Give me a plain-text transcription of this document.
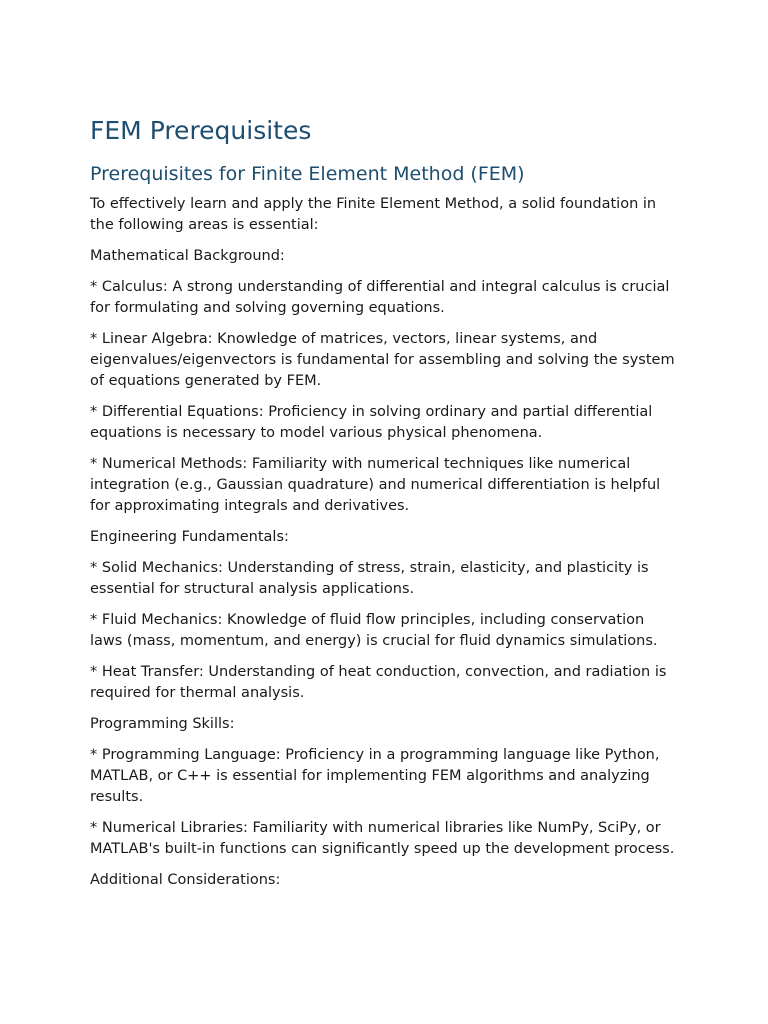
FEM Prerequisites
Prerequisites for Finite Element Method (FEM)

To effectively learn and apply the Finite Element Method, a solid foundation in the following areas is essential:

Mathematical Background:

* Calculus: A strong understanding of differential and integral calculus is crucial for formulating and solving governing equations.

* Linear Algebra: Knowledge of matrices, vectors, linear systems, and eigenvalues/eigenvectors is fundamental for assembling and solving the system of equations generated by FEM.

* Differential Equations: Proficiency in solving ordinary and partial differential equations is necessary to model various physical phenomena.

* Numerical Methods: Familiarity with numerical techniques like numerical integration (e.g., Gaussian quadrature) and numerical differentiation is helpful for approximating integrals and derivatives.

Engineering Fundamentals:

* Solid Mechanics: Understanding of stress, strain, elasticity, and plasticity is essential for structural analysis applications.

* Fluid Mechanics: Knowledge of fluid flow principles, including conservation laws (mass, momentum, and energy) is crucial for fluid dynamics simulations.

* Heat Transfer: Understanding of heat conduction, convection, and radiation is required for thermal analysis.

Programming Skills:

* Programming Language: Proficiency in a programming language like Python, MATLAB, or C++ is essential for implementing FEM algorithms and analyzing results.

* Numerical Libraries: Familiarity with numerical libraries like NumPy, SciPy, or MATLAB's built-in functions can significantly speed up the development process.

Additional Considerations:
